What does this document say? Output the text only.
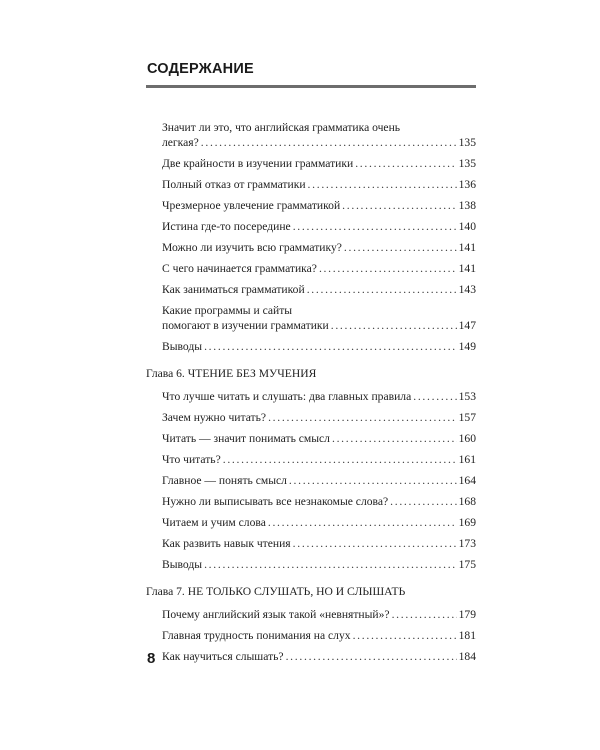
СОДЕРЖАНИЕ
Значит ли это, что английская грамматика очень
легкая? . . .	135
Две крайности в изучении грамматики . . .	135
Полный отказ от грамматики . . .	136
Чрезмерное увлечение грамматикой . . .	138
Истина где-то посередине . . .	140
Можно ли изучить всю грамматику? . . .	141
С чего начинается грамматика? . . .	141
Как заниматься грамматикой . . .	143
Какие программы и сайты
помогают в изучении грамматики . . .	147
Выводы . . .	149
Глава 6. ЧТЕНИЕ БЕЗ МУЧЕНИЯ
Что лучше читать и слушать: два главных правила . . .	153
Зачем нужно читать? . . .	157
Читать — значит понимать смысл . . .	160
Что читать? . . .	161
Главное — понять смысл . . .	164
Нужно ли выписывать все незнакомые слова? . . .	168
Читаем и учим слова . . .	169
Как развить навык чтения . . .	173
Выводы . . .	175
Глава 7. НЕ ТОЛЬКО СЛУШАТЬ, НО И СЛЫШАТЬ
Почему английский язык такой «невнятный»? . . .	179
Главная трудность понимания на слух . . .	181
Как научиться слышать? . . .	184
8
